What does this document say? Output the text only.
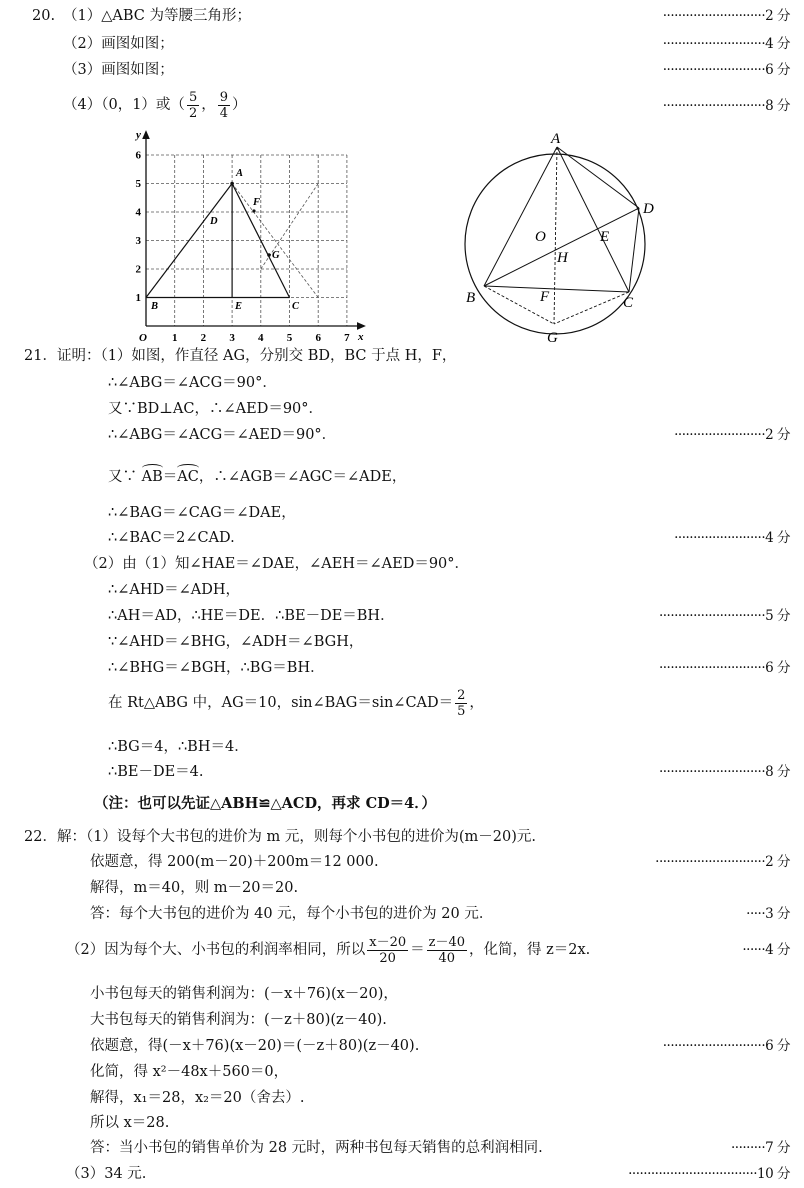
20. （1）△ABC 为等腰三角形；	···························2 分
（2）画图如图；	···························4 分
（3）画图如图；	···························6 分
（4）（0，1）或（ $\frac{5}{2}$ ， $\frac{9}{4}$ ）	···························8 分
y
x
O 1 2 3 4 5 6 7
1
2
3
4
5
6
A
B	C
D
E
F
G
A
B	C
D
E
F
G
H
O
21．证明：（1）如图，作直径 AG，分别交 BD，BC 于点 H，F，
∴∠ABG＝∠ACG＝90°．
又∵BD⊥AC，∴∠AED＝90°．
∴∠ABG＝∠ACG＝∠AED＝90°．	························2 分
又∵ AB＝AC，∴∠AGB＝∠AGC＝∠ADE，
∴∠BAG＝∠CAG＝∠DAE，
∴∠BAC＝2∠CAD.	························4 分
（2）由（1）知∠HAE＝∠DAE，∠AEH＝∠AED＝90°．
∴∠AHD＝∠ADH，
∴AH＝AD，∴HE＝DE．∴BE－DE＝BH．	····························5 分
∵∠AHD＝∠BHG，∠ADH＝∠BGH，
∴∠BHG＝∠BGH，∴BG＝BH．	····························6 分
在 Rt△ABG 中，AG＝10，sin∠BAG＝sin∠CAD＝ $\frac{2}{5}$ ，
∴BG＝4，∴BH＝4．
∴BE－DE＝4.	····························8 分
（注：也可以先证△ABH≌△ACD，再求 CD＝4．）
22．解：（1）设每个大书包的进价为 m 元，则每个小书包的进价为(m－20)元.
依题意，得 200(m－20)＋200m＝12 000.	·····························2 分
解得，m＝40，则 m－20＝20.
答：每个大书包的进价为 40 元，每个小书包的进价为 20 元．	·····3 分
（2）因为每个大、小书包的利润率相同，所以 $\frac{x-20}{20} = \frac{z-40}{40}$ ，化简，得 z＝2x.	······4 分
小书包每天的销售利润为：(－x＋76)(x－20)，
大书包每天的销售利润为：(－z＋80)(z－40).
依题意，得(－x＋76)(x－20)＝(－z＋80)(z－40).	···························6 分
化简，得 x²－48x＋560＝0，
解得，x₁＝28，x₂＝20（舍去）.
所以 x＝28.
答：当小书包的销售单价为 28 元时，两种书包每天销售的总利润相同.	·········7 分
（3）34 元.	··································10 分
